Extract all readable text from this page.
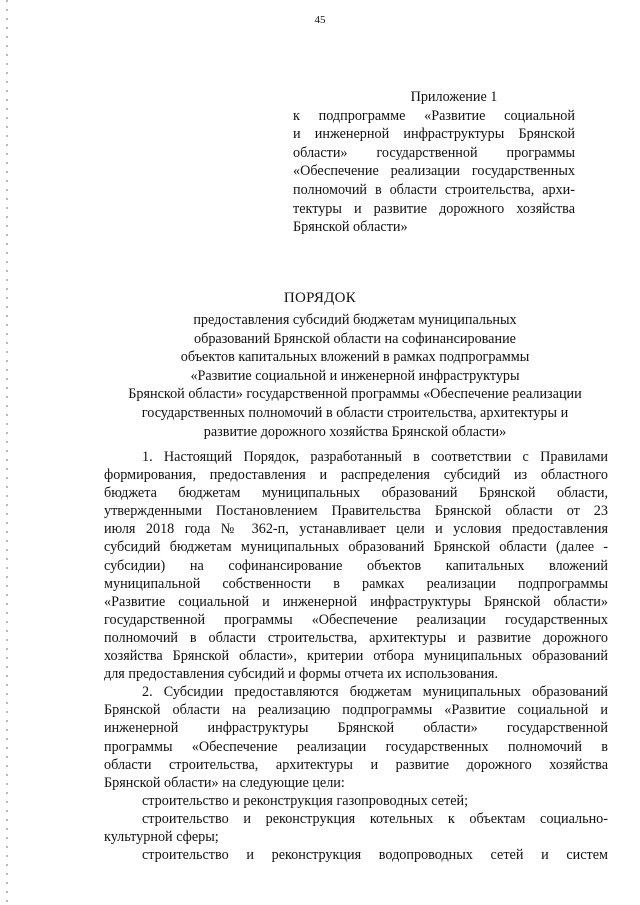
45
Приложение 1
к подпрограмме «Развитие социальной
и инженерной инфраструктуры Брянской
области» государственной программы
«Обеспечение реализации государственных
полномочий в области строительства, архи-
тектуры и развитие дорожного хозяйства
Брянской области»
ПОРЯДОК
предоставления субсидий бюджетам муниципальных
образований Брянской области на софинансирование
объектов капитальных вложений в рамках подпрограммы
«Развитие социальной и инженерной инфраструктуры
Брянской области» государственной программы «Обеспечение реализации
государственных полномочий в области строительства, архитектуры и
развитие дорожного хозяйства Брянской области»
1. Настоящий Порядок, разработанный в соответствии с Правилами
формирования, предоставления и распределения субсидий из областного
бюджета бюджетам муниципальных образований Брянской области,
утвержденными Постановлением Правительства Брянской области от 23
июля 2018 года № 362-п, устанавливает цели и условия предоставления
субсидий бюджетам муниципальных образований Брянской области (далее -
субсидии) на софинансирование объектов капитальных вложений
муниципальной собственности в рамках реализации подпрограммы
«Развитие социальной и инженерной инфраструктуры Брянской области»
государственной программы «Обеспечение реализации государственных
полномочий в области строительства, архитектуры и развитие дорожного
хозяйства Брянской области», критерии отбора муниципальных образований
для предоставления субсидий и формы отчета их использования.
2. Субсидии предоставляются бюджетам муниципальных образований
Брянской области на реализацию подпрограммы «Развитие социальной и
инженерной инфраструктуры Брянской области» государственной
программы «Обеспечение реализации государственных полномочий в
области строительства, архитектуры и развитие дорожного хозяйства
Брянской области» на следующие цели:
строительство и реконструкция газопроводных сетей;
строительство и реконструкция котельных к объектам социально-
культурной сферы;
строительство и реконструкция водопроводных сетей и систем
